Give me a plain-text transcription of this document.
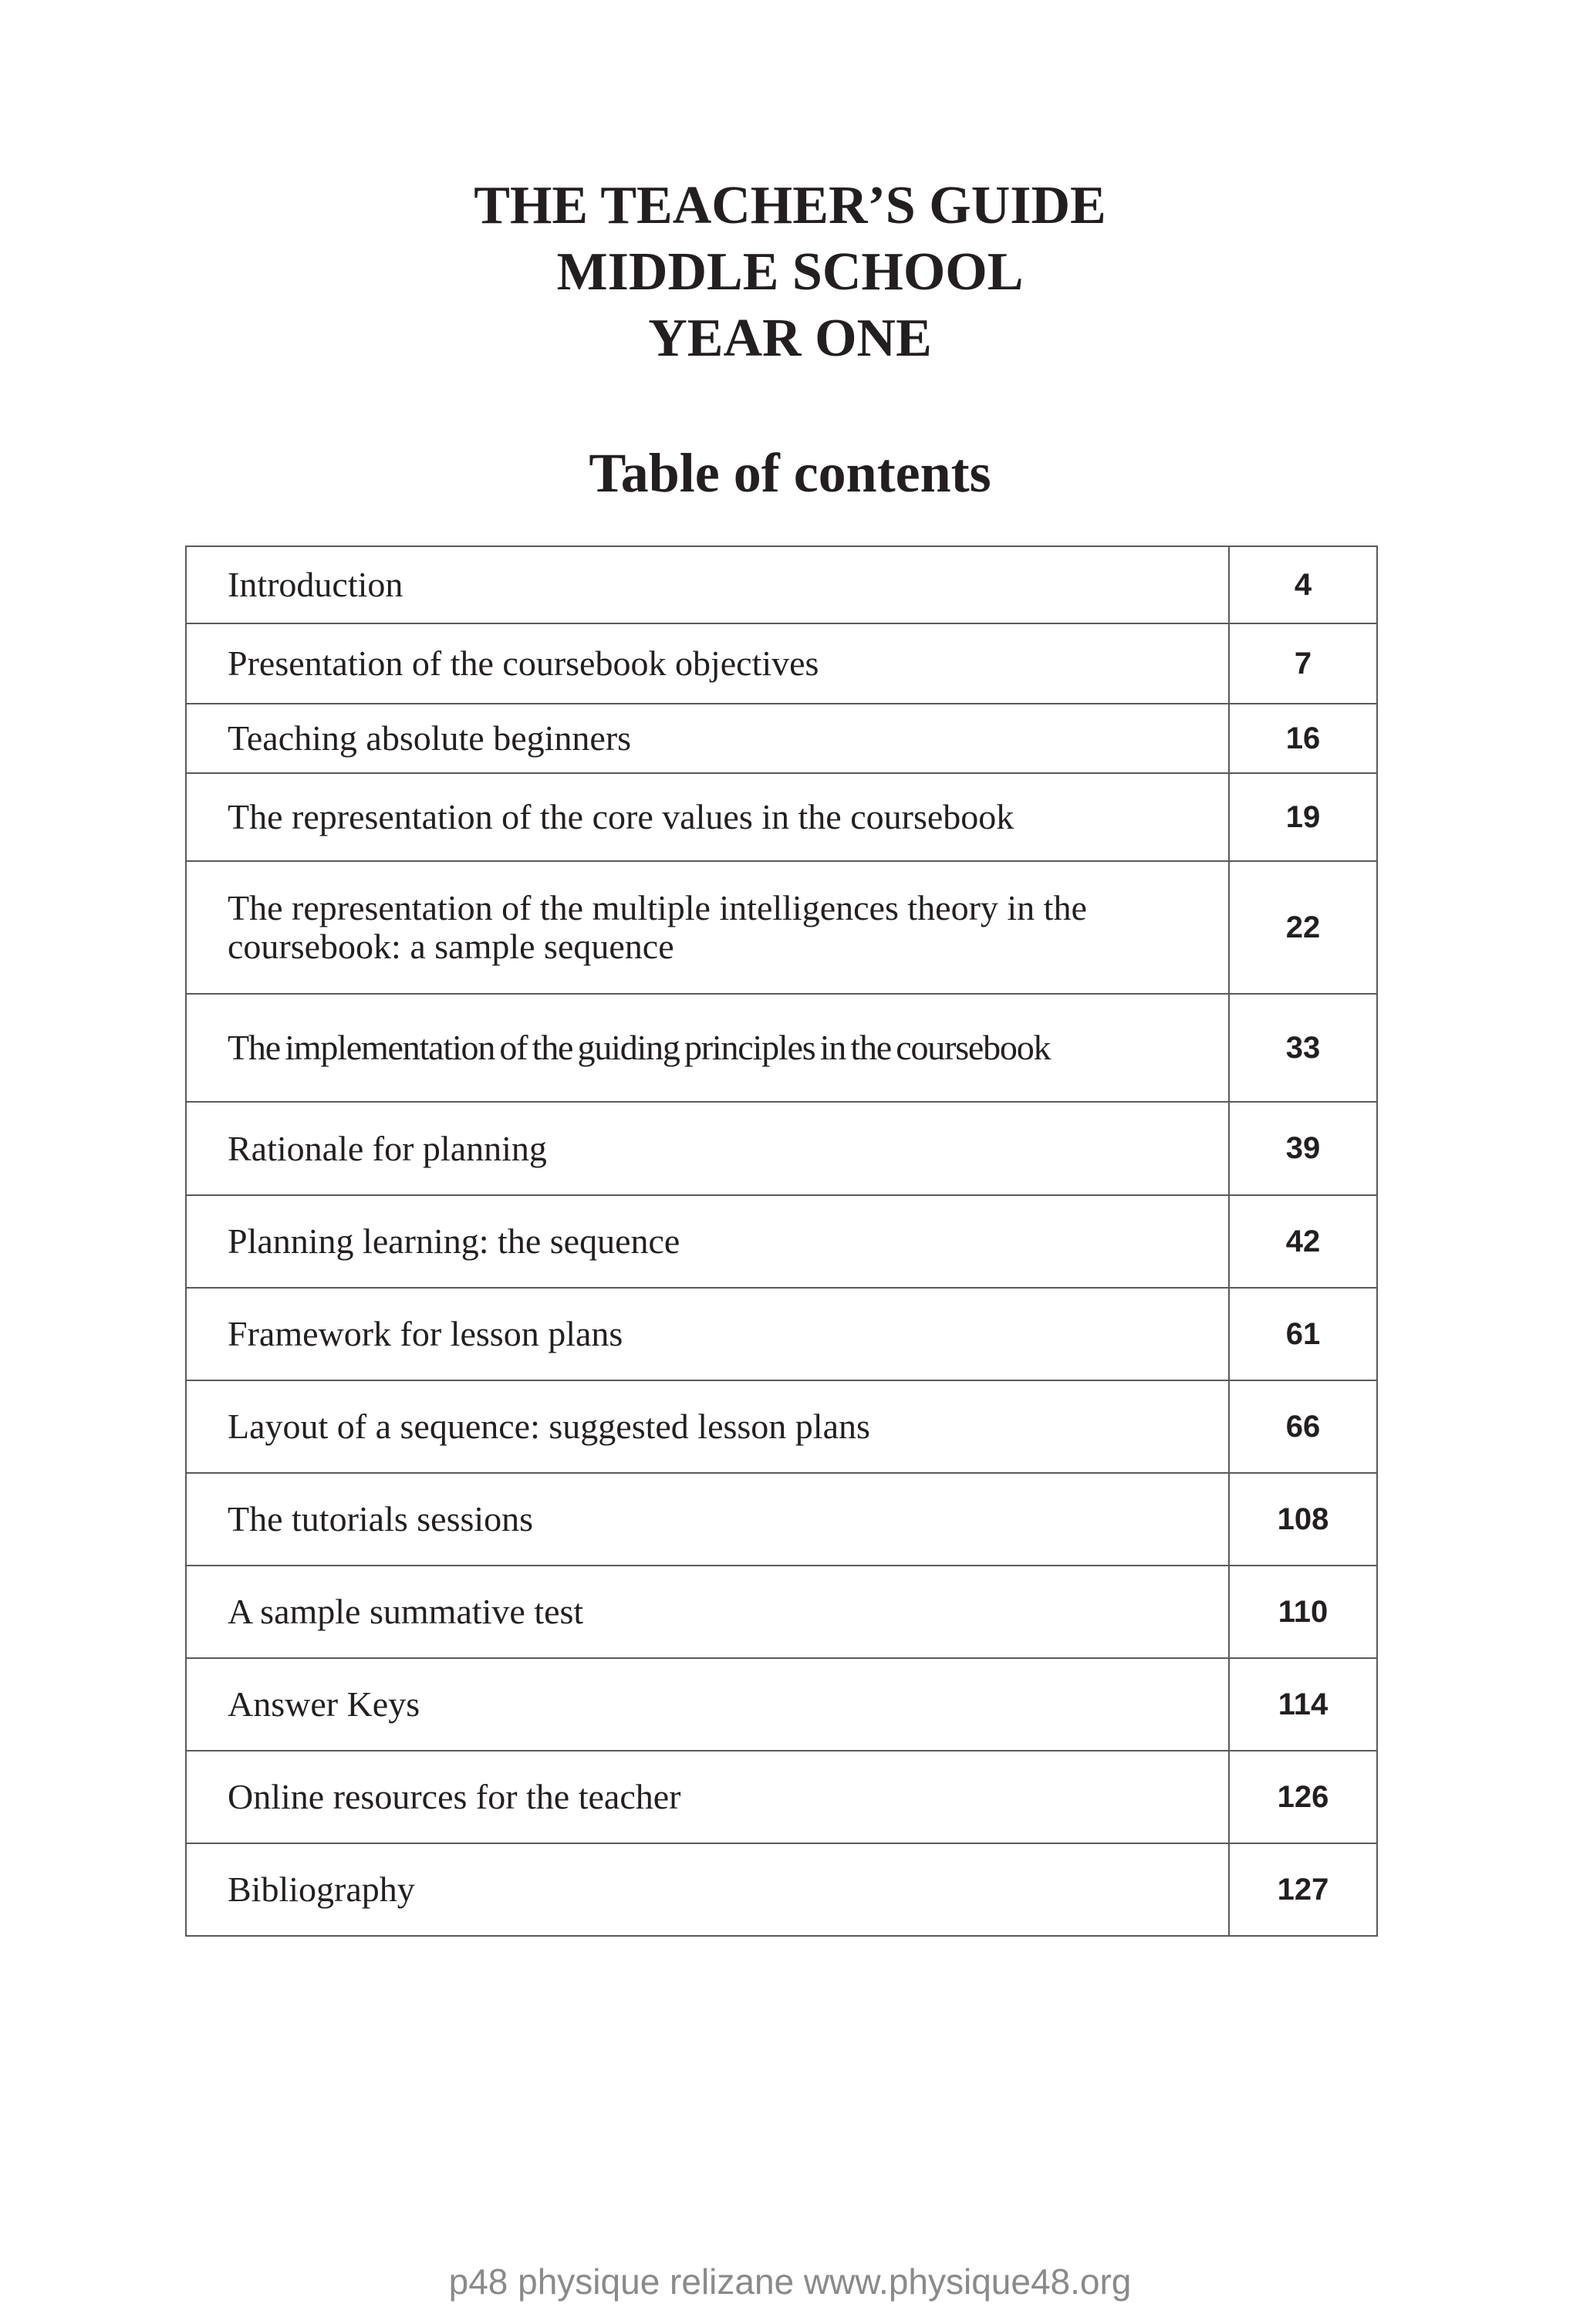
THE TEACHER’S GUIDE
MIDDLE SCHOOL
YEAR ONE
Table of contents
Introduction	4
Presentation of the coursebook objectives	7
Teaching absolute beginners	16
The representation of the core values in the coursebook	19
The representation of the multiple intelligences theory in the coursebook: a sample sequence	22
The implementation of the guiding principles in the coursebook	33
Rationale for planning	39
Planning learning: the sequence	42
Framework for lesson plans	61
Layout of a sequence: suggested lesson plans	66
The tutorials sessions	108
A sample summative test	110
Answer Keys	114
Online resources for the teacher	126
Bibliography	127
p48 physique relizane www.physique48.org
